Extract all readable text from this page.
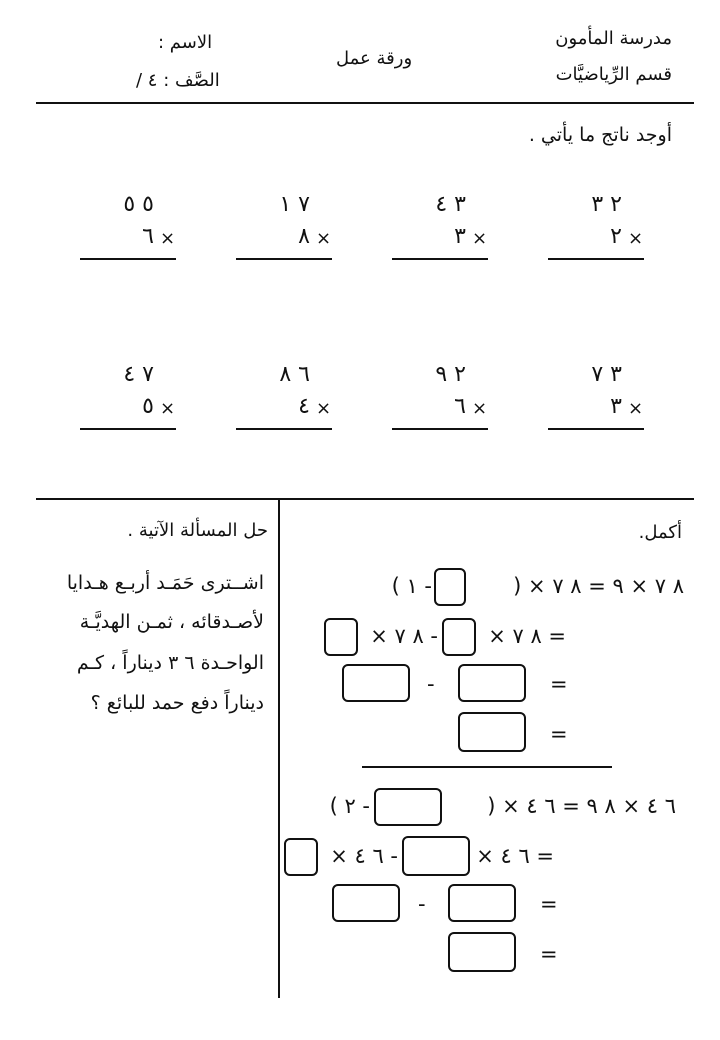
مدرسة المأمون
قسم الرِّياضيَّات
ورقة عمل
الاسم :
الصَّف : ٤ /
أوجد ناتج ما يأتي .
٢ ٣
×
٢
٣ ٤
×
٣
٧ ١
×
٨
٥ ٥
×
٦
٣ ٧
×
٣
٢ ٩
×
٦
٦ ٨
×
٤
٧ ٤
×
٥
حل المسألة الآتية .
اشــترى حَمَـد أربـع هـدايا
لأصـدقائه ، ثمـن الهديَّـة
الواحـدة ٦ ٣ ديناراً ، كـم
ديناراً دفع حمد للبائع ؟
أكمل.
٨ ٧ × ٩ = ٨ ٧ × (
- ١ )
= ٨ ٧ ×
- ٨ ٧ ×
-	=
=
٦ ٤ × ٨ ٩ = ٦ ٤ × (
- ٢ )
= ٦ ٤ ×
- ٦ ٤ ×
-	=
=
